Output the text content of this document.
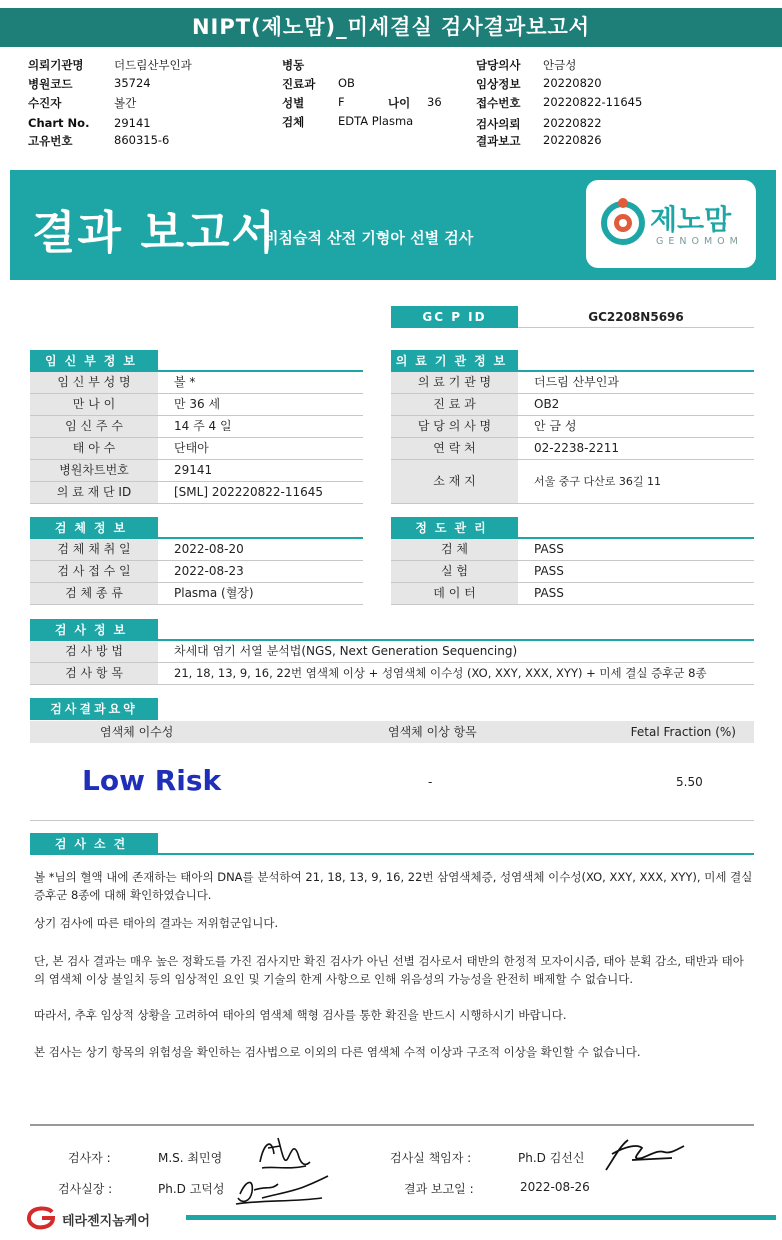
NIPT(제노맘)_미세결실 검사결과보고서
의뢰기관명	더드림산부인과
병원코드	35724
수진자	볼간
Chart No. 29141
고유번호	860315-6
병동
진료과 OB
성별	F	나이 36
검체	EDTA Plasma
담당의사 안금성
임상정보 20220820
접수번호 20220822-11645
검사의뢰 20220822
결과보고 20220826
결과 보고서
비침습적 산전 기형아 선별 검사
제노맘
GENOMOM
GC P ID	GC2208N5696
임신부정보
임 신 부 성 명	볼 *
만 나 이	만 36 세
임 신 주 수	14 주 4 일
태 아 수	단태아
병원차트번호	29141
의 료 재 단 ID	[SML] 202220822-11645
의료기관정보
의 료 기 관 명	더드림 산부인과
진 료 과	OB2
담 당 의 사 명	안 금 성
연 락 처	02-2238-2211
소 재 지	서울 중구 다산로 36길 11
검체정보
검 체 채 취 일	2022-08-20
검 사 접 수 일	2022-08-23
검 체 종 류	Plasma (혈장)
정도관리
검 체	PASS
실 험	PASS
데 이 터	PASS
검사정보
검 사 방 법	차세대 염기 서열 분석법(NGS, Next Generation Sequencing)
검 사 항 목	21, 18, 13, 9, 16, 22번 염색체 이상 + 성염색체 이수성 (XO, XXY, XXX, XYY) + 미세 결실 증후군 8종
검사결과요약
염색체 이수성	염색체 이상 항목	Fetal Fraction (%)
Low Risk	-	5.50
검사소견
볼 *님의 혈액 내에 존재하는 태아의 DNA를 분석하여 21, 18, 13, 9, 16, 22번 삼염색체증, 성염색체 이수성(XO, XXY, XXX, XYY), 미세 결실 증후군 8종에 대해 확인하였습니다.
상기 검사에 따른 태아의 결과는 저위험군입니다.
단, 본 검사 결과는 매우 높은 정확도를 가진 검사지만 확진 검사가 아닌 선별 검사로서 태반의 한정적 모자이시즘, 태아 분획 감소, 태반과 태아의 염색체 이상 불일치 등의 임상적인 요인 및 기술의 한계 사항으로 인해 위음성의 가능성을 완전히 배제할 수 없습니다.
따라서, 추후 임상적 상황을 고려하여 태아의 염색체 핵형 검사를 통한 확진을 반드시 시행하시기 바랍니다.
본 검사는 상기 항목의 위험성을 확인하는 검사법으로 이외의 다른 염색체 수적 이상과 구조적 이상을 확인할 수 없습니다.
검사자 :	M.S. 최민영	검사실 책임자 :	Ph.D 김선신
검사실장 :	Ph.D 고덕성	결과 보고일 :	2022-08-26
테라젠지놈케어
